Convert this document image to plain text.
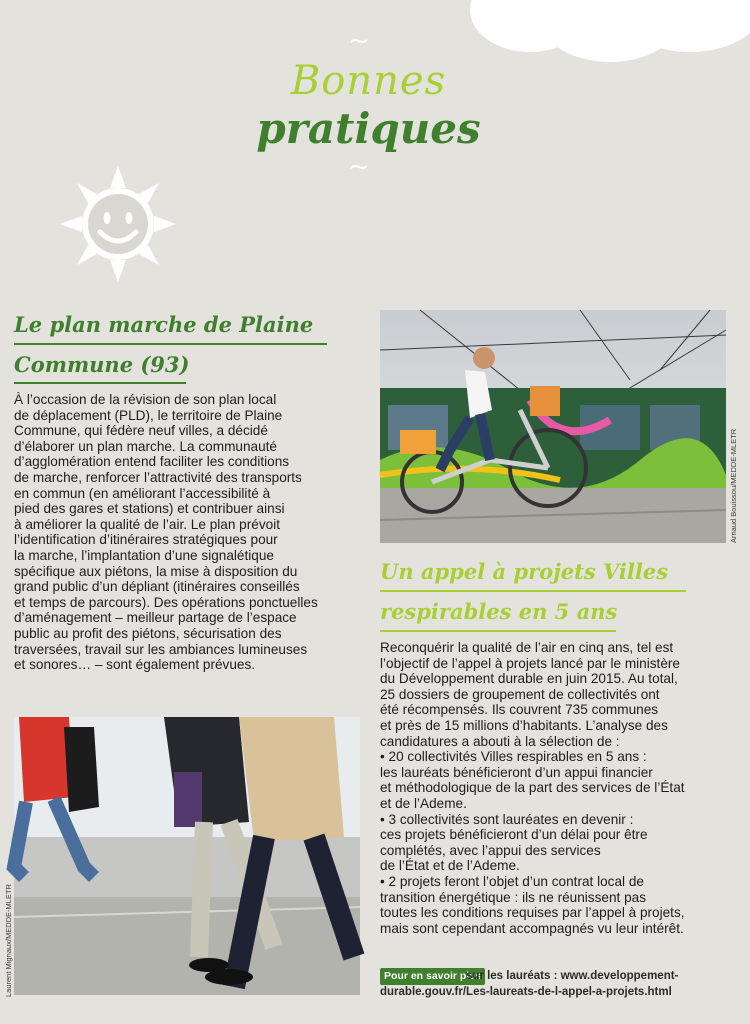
~
Bonnes
pratiques
~
Le plan marche de Plaine
Commune (93)

À l’occasion de la révision de son plan local
de déplacement (PLD), le territoire de Plaine
Commune, qui fédère neuf villes, a décidé
d’élaborer un plan marche. La communauté
d’agglomération entend faciliter les conditions
de marche, renforcer l’attractivité des transports
en commun (en améliorant l’accessibilité à
pied des gares et stations) et contribuer ainsi
à améliorer la qualité de l’air. Le plan prévoit
l’identification d’itinéraires stratégiques pour
la marche, l’implantation d’une signalétique
spécifique aux piétons, la mise à disposition du
grand public d’un dépliant (itinéraires conseillés
et temps de parcours). Des opérations ponctuelles
d’aménagement – meilleur partage de l’espace
public au profit des piétons, sécurisation des
traversées, travail sur les ambiances lumineuses
et sonores… – sont également prévues.

Arnaud Bouissou/MEDDE-MLETR
Un appel à projets Villes
respirables en 5 ans

Reconquérir la qualité de l’air en cinq ans, tel est
l’objectif de l’appel à projets lancé par le ministère
du Développement durable en juin 2015. Au total,
25 dossiers de groupement de collectivités ont
été récompensés. Ils couvrent 735 communes
et près de 15 millions d’habitants. L’analyse des
candidatures a abouti à la sélection de :
• 20 collectivités Villes respirables en 5 ans :
les lauréats bénéficieront d’un appui financier
et méthodologique de la part des services de l’État
et de l’Ademe.
• 3 collectivités sont lauréates en devenir :
ces projets bénéficieront d’un délai pour être
complétés, avec l’appui des services
de l’État et de l’Ademe.
• 2 projets feront l’objet d’un contrat local de
transition énergétique : ils ne réunissent pas
toutes les conditions requises par l’appel à projets,
mais sont cependant accompagnés vu leur intérêt.

Laurent Mignaux/MEDDE-MLETR	Pour en savoir plus
sur les lauréats : www.developpement-
durable.gouv.fr/Les-laureats-de-l-appel-a-projets.html
